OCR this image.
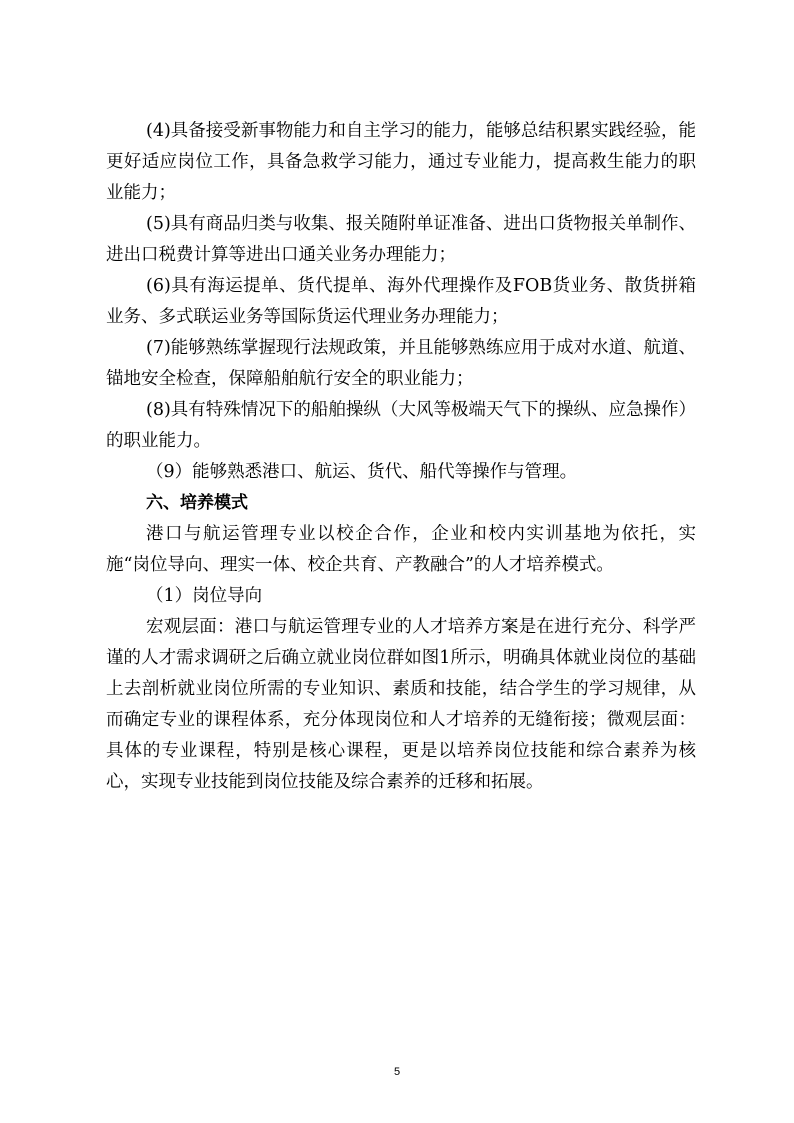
(4)具备接受新事物能力和自主学习的能力，能够总结积累实践经验，能更好适应岗位工作，具备急救学习能力，通过专业能力，提高救生能力的职业能力；

(5)具有商品归类与收集、报关随附单证准备、进出口货物报关单制作、进出口税费计算等进出口通关业务办理能力；

(6)具有海运提单、货代提单、海外代理操作及FOB货业务、散货拼箱业务、多式联运业务等国际货运代理业务办理能力；

(7)能够熟练掌握现行法规政策，并且能够熟练应用于成对水道、航道、锚地安全检查，保障船舶航行安全的职业能力；

(8)具有特殊情况下的船舶操纵（大风等极端天气下的操纵、应急操作）的职业能力。

（9）能够熟悉港口、航运、货代、船代等操作与管理。

六、培养模式

港口与航运管理专业以校企合作，企业和校内实训基地为依托，实施“岗位导向、理实一体、校企共育、产教融合”的人才培养模式。

（1）岗位导向

宏观层面：港口与航运管理专业的人才培养方案是在进行充分、科学严谨的人才需求调研之后确立就业岗位群如图1所示，明确具体就业岗位的基础上去剖析就业岗位所需的专业知识、素质和技能，结合学生的学习规律，从而确定专业的课程体系，充分体现岗位和人才培养的无缝衔接；微观层面：具体的专业课程，特别是核心课程，更是以培养岗位技能和综合素养为核心，实现专业技能到岗位技能及综合素养的迁移和拓展。

5
